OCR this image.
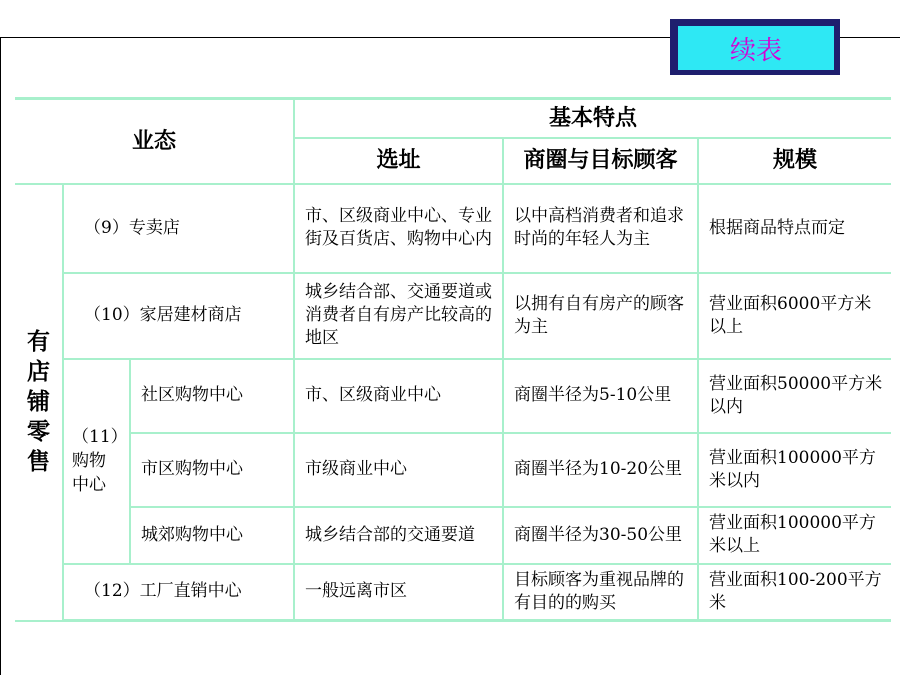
续表
业态			基本特点		
			选址	商圈与目标顾客	规模

有店铺零售	（9）专卖店		市、区级商业中心、专业街及百货店、购物中心内	以中高档消费者和追求时尚的年轻人为主	根据商品特点而定
	（10）家居建材商店		城乡结合部、交通要道或消费者自有房产比较高的地区	以拥有自有房产的顾客为主	营业面积6000平方米以上

	（11）
购物
中心	社区购物中心	市、区级商业中心	商圈半径为5-10公里	营业面积50000平方米以内
		市区购物中心	市级商业中心	商圈半径为10-20公里	营业面积100000平方米以内
		城郊购物中心	城乡结合部的交通要道	商圈半径为30-50公里	营业面积100000平方米以上
	（12）工厂直销中心		一般远离市区	目标顾客为重视品牌的有目的的购买	营业面积100-200平方米
